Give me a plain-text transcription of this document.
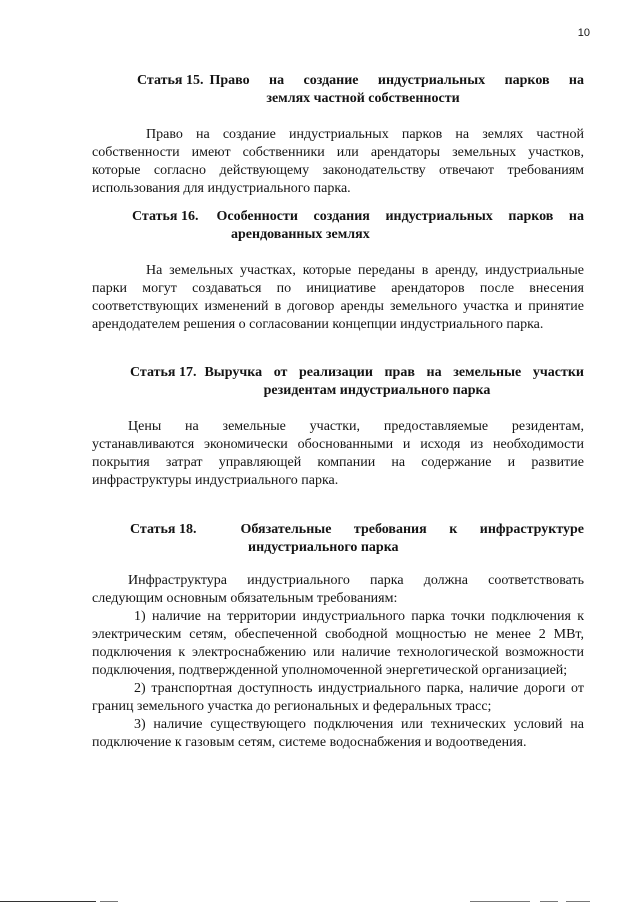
10
Статья 15. Право на создание индустриальных парков на
землях частной собственности

Право на создание индустриальных парков на землях частной собственности имеют собственники или арендаторы земельных участков, которые согласно действующему законодательству отвечают требованиям использования для индустриального парка.

Статья 16. Особенности создания индустриальных парков на
арендованных землях

На земельных участках, которые переданы в аренду, индустриальные парки могут создаваться по инициативе арендаторов после внесения соответствующих изменений в договор аренды земельного участка и принятие арендодателем решения о согласовании концепции индустриального парка.

Статья 17. Выручка от реализации прав на земельные участки
резидентам индустриального парка

Цены на земельные участки, предоставляемые резидентам, устанавливаются экономически обоснованными и исходя из необходимости покрытия затрат управляющей компании на содержание и развитие инфраструктуры индустриального парка.

Статья 18.	Обязательные требования к инфраструктуре
индустриального парка

Инфраструктура индустриального парка должна соответствовать следующим основным обязательным требованиям:

1) наличие на территории индустриального парка точки подключения к электрическим сетям, обеспеченной свободной мощностью не менее 2 МВт, подключения к электроснабжению или наличие технологической возможности подключения, подтвержденной уполномоченной энергетической организацией;

2) транспортная доступность индустриального парка, наличие дороги от границ земельного участка до региональных и федеральных трасс;

3) наличие существующего подключения или технических условий на подключение к газовым сетям, системе водоснабжения и водоотведения.
